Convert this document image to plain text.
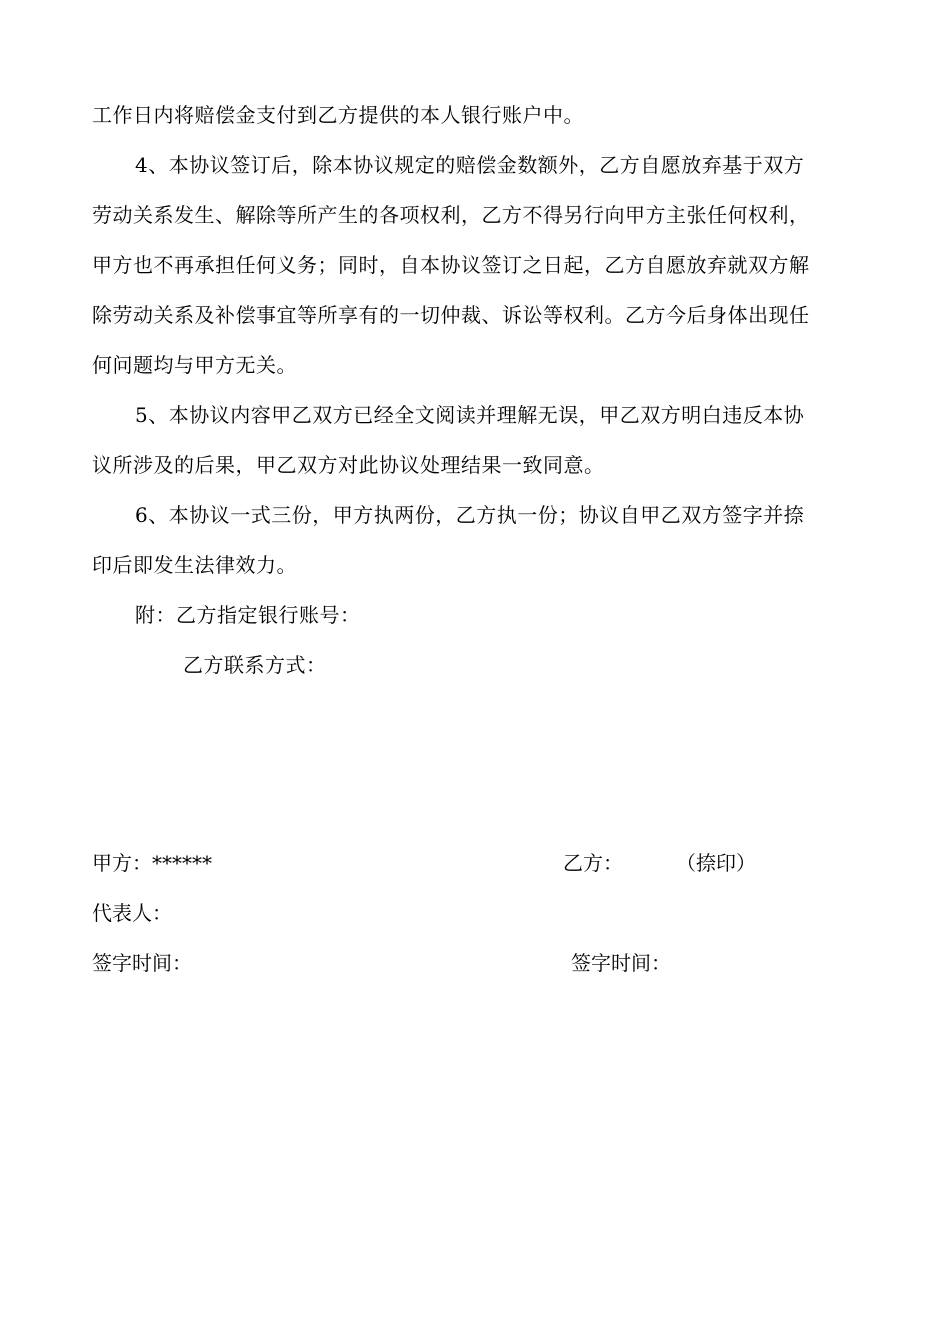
工作日内将赔偿金支付到乙方提供的本人银行账户中。
4、本协议签订后，除本协议规定的赔偿金数额外，乙方自愿放弃基于双方
劳动关系发生、解除等所产生的各项权利，乙方不得另行向甲方主张任何权利，
甲方也不再承担任何义务；同时，自本协议签订之日起，乙方自愿放弃就双方解
除劳动关系及补偿事宜等所享有的一切仲裁、诉讼等权利。乙方今后身体出现任
何问题均与甲方无关。
5、本协议内容甲乙双方已经全文阅读并理解无误，甲乙双方明白违反本协
议所涉及的后果，甲乙双方对此协议处理结果一致同意。
6、本协议一式三份，甲方执两份，乙方执一份；协议自甲乙双方签字并捺
印后即发生法律效力。
附：乙方指定银行账号：
乙方联系方式：
甲方：******	乙方：	（捺印）
代表人：
签字时间：	签字时间：
